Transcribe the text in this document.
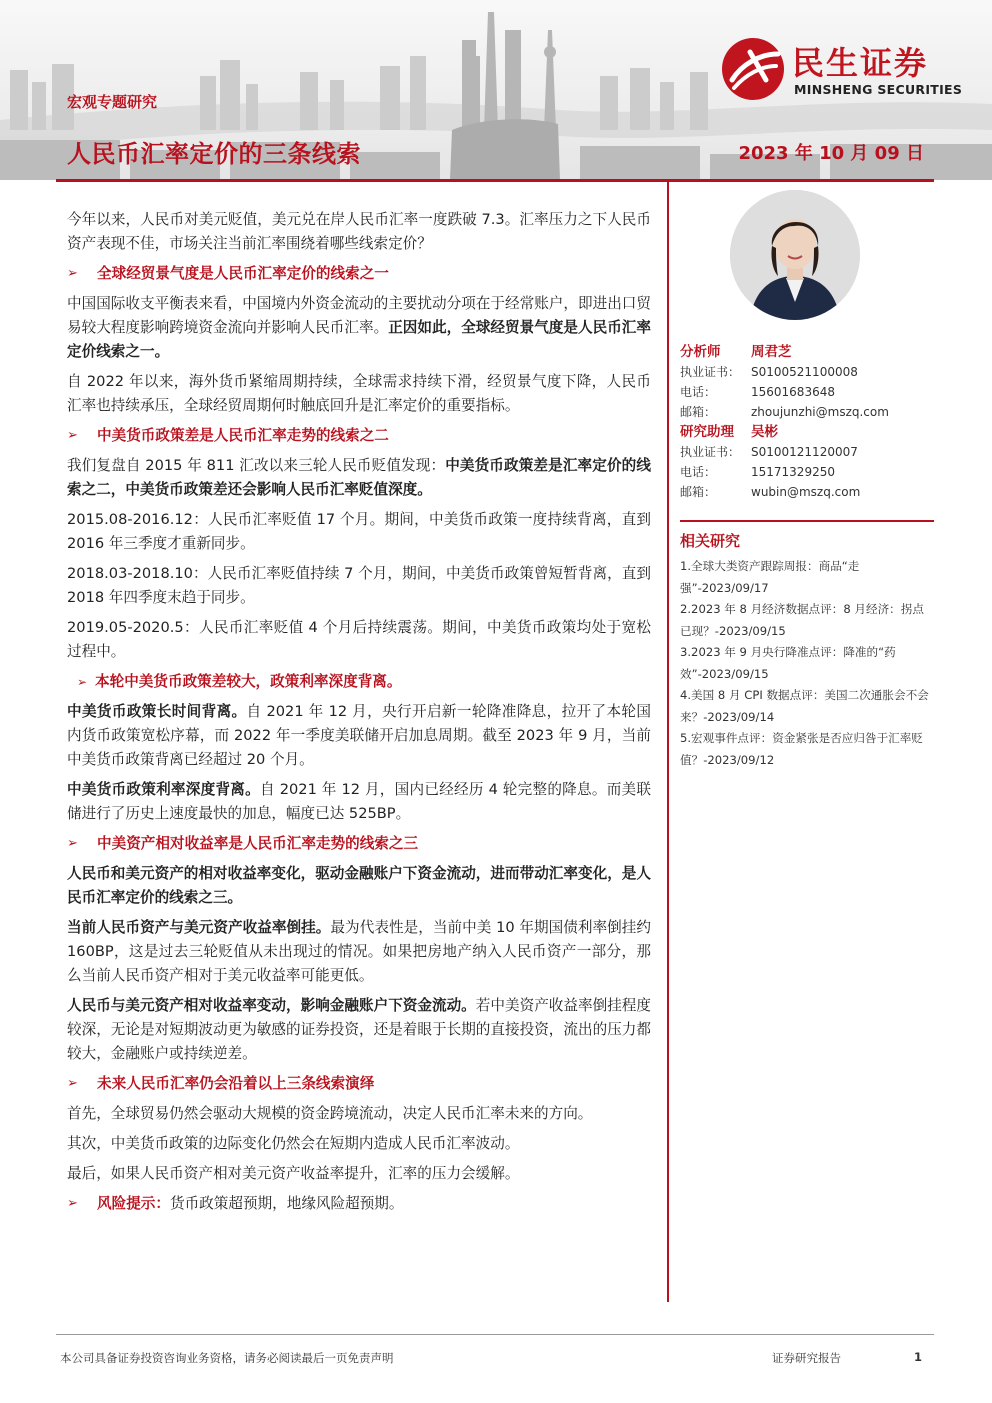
宏观专题研究
人民币汇率定价的三条线索	2023 年 10 月 09 日
民生证券
MINSHENG SECURITIES

今年以来，人民币对美元贬值，美元兑在岸人民币汇率一度跌破 7.3。汇率压力之下人民币资产表现不佳，市场关注当前汇率围绕着哪些线索定价？

➢	全球经贸景气度是人民币汇率定价的线索之一

中国国际收支平衡表来看，中国境内外资金流动的主要扰动分项在于经常账户，即进出口贸易较大程度影响跨境资金流向并影响人民币汇率。正因如此，全球经贸景气度是人民币汇率定价线索之一。

自 2022 年以来，海外货币紧缩周期持续，全球需求持续下滑，经贸景气度下降，人民币汇率也持续承压，全球经贸周期何时触底回升是汇率定价的重要指标。

➢	中美货币政策差是人民币汇率走势的线索之二

我们复盘自 2015 年 811 汇改以来三轮人民币贬值发现：中美货币政策差是汇率定价的线索之二，中美货币政策差还会影响人民币汇率贬值深度。

2015.08-2016.12：人民币汇率贬值 17 个月。期间，中美货币政策一度持续背离，直到 2016 年三季度才重新同步。

2018.03-2018.10：人民币汇率贬值持续 7 个月，期间，中美货币政策曾短暂背离，直到 2018 年四季度末趋于同步。

2019.05-2020.5：人民币汇率贬值 4 个月后持续震荡。期间，中美货币政策均处于宽松过程中。

➢ 本轮中美货币政策差较大，政策利率深度背离。

中美货币政策长时间背离。自 2021 年 12 月，央行开启新一轮降准降息，拉开了本轮国内货币政策宽松序幕，而 2022 年一季度美联储开启加息周期。截至 2023 年 9 月，当前中美货币政策背离已经超过 20 个月。

中美货币政策利率深度背离。自 2021 年 12 月，国内已经经历 4 轮完整的降息。而美联储进行了历史上速度最快的加息，幅度已达 525BP。

➢	中美资产相对收益率是人民币汇率走势的线索之三

人民币和美元资产的相对收益率变化，驱动金融账户下资金流动，进而带动汇率变化，是人民币汇率定价的线索之三。

当前人民币资产与美元资产收益率倒挂。最为代表性是，当前中美 10 年期国债利率倒挂约 160BP，这是过去三轮贬值从未出现过的情况。如果把房地产纳入人民币资产一部分，那么当前人民币资产相对于美元收益率可能更低。

人民币与美元资产相对收益率变动，影响金融账户下资金流动。若中美资产收益率倒挂程度较深，无论是对短期波动更为敏感的证券投资，还是着眼于长期的直接投资，流出的压力都较大，金融账户或持续逆差。

➢	未来人民币汇率仍会沿着以上三条线索演绎

首先，全球贸易仍然会驱动大规模的资金跨境流动，决定人民币汇率未来的方向。

其次，中美货币政策的边际变化仍然会在短期内造成人民币汇率波动。

最后，如果人民币资产相对美元资产收益率提升，汇率的压力会缓解。

➢	风险提示： 货币政策超预期，地缘风险超预期。
分析师	周君芝
执业证书： S0100521100008
电话：	15601683648
邮箱：	zhoujunzhi@mszq.com
研究助理	吴彬
执业证书： S0100121120007
电话：	15171329250
邮箱：	wubin@mszq.com
相关研究
1.全球大类资产跟踪周报：商品“走强”-2023/09/17
2.2023 年 8 月经济数据点评：8 月经济：拐点已现？-2023/09/15
3.2023 年 9 月央行降准点评：降准的“药效”-2023/09/15
4.美国 8 月 CPI 数据点评：美国二次通胀会不会来？-2023/09/14
5.宏观事件点评：资金紧张是否应归咎于汇率贬值？-2023/09/12
本公司具备证券投资咨询业务资格，请务必阅读最后一页免责声明	证券研究报告	1
